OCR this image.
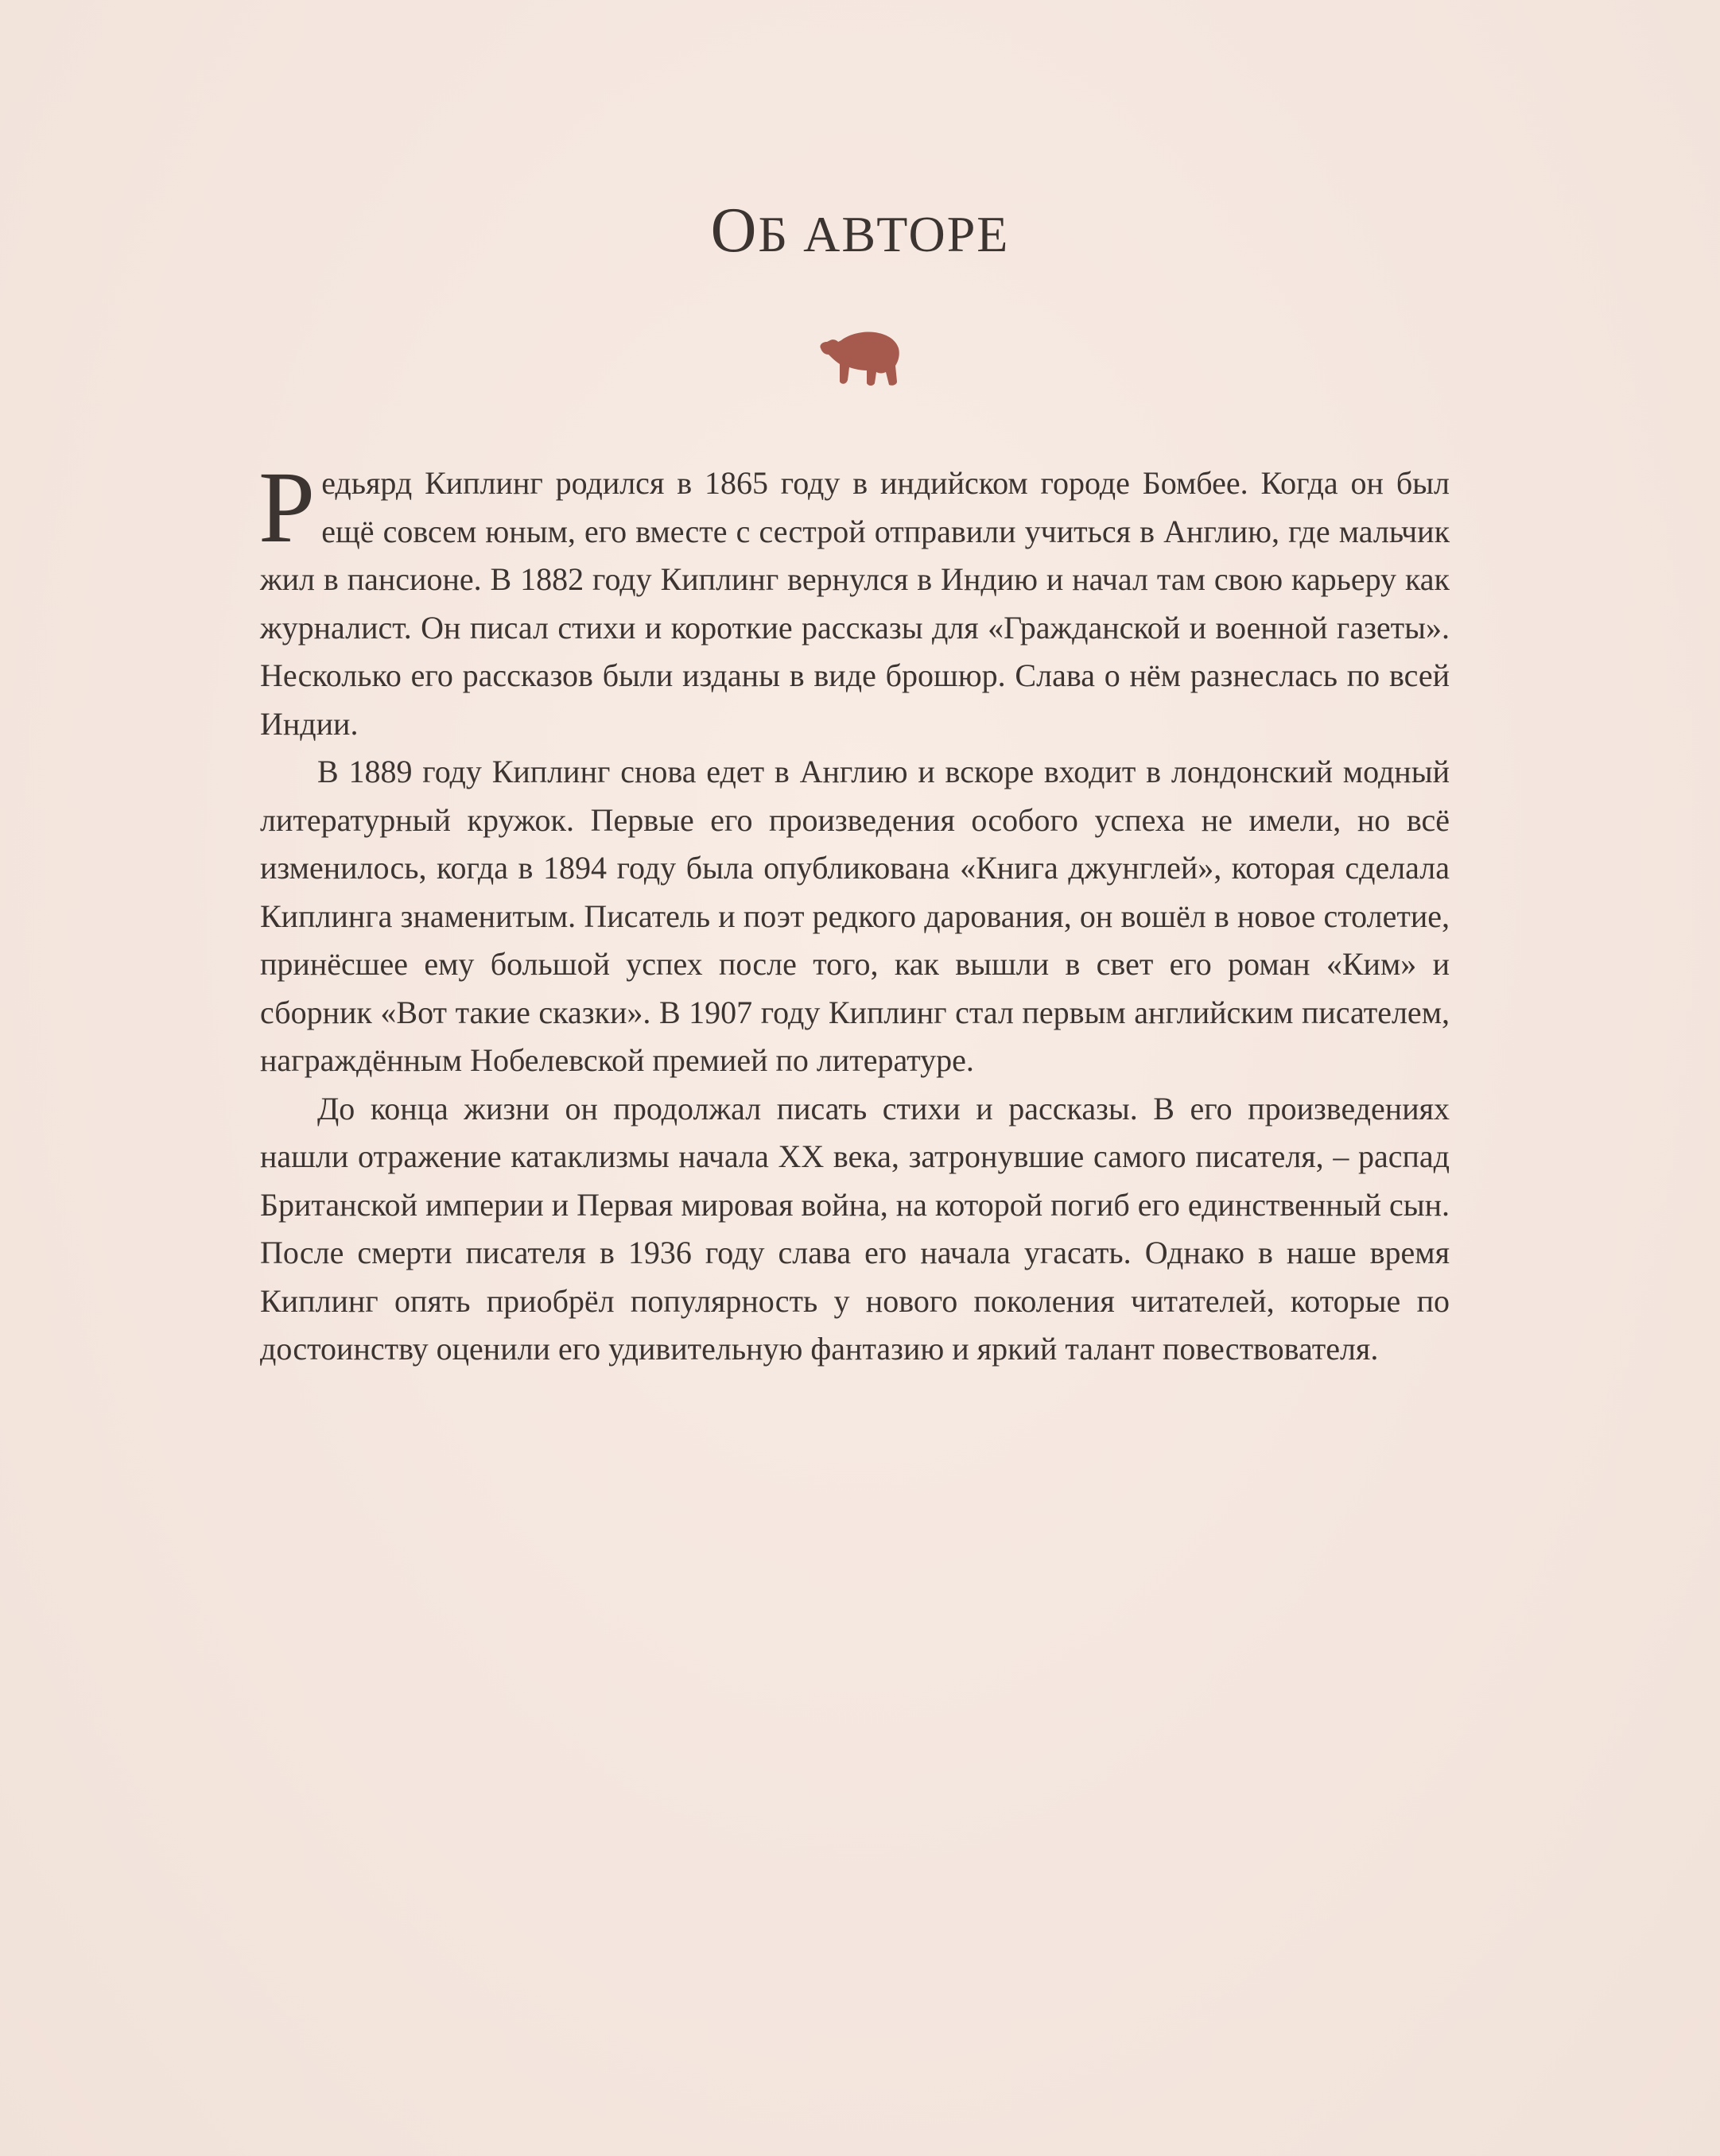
ОБ АВТОРЕ

Редьярд Киплинг родился в 1865 году в индийском городе Бомбее. Когда он был ещё совсем юным, его вместе с сестрой отправили учиться в Англию, где мальчик жил в пансионе. В 1882 году Киплинг вернулся в Индию и начал там свою карьеру как журналист. Он писал стихи и короткие рассказы для «Гражданской и военной газеты». Несколько его рассказов были изданы в виде брошюр. Слава о нём разнеслась по всей Индии.

В 1889 году Киплинг снова едет в Англию и вскоре входит в лондонский модный литературный кружок. Первые его произведения особого успеха не имели, но всё изменилось, когда в 1894 году была опубликована «Книга джунглей», которая сделала Киплинга знаменитым. Писатель и поэт редкого дарования, он вошёл в новое столетие, принёсшее ему большой успех после того, как вышли в свет его роман «Ким» и сборник «Вот такие сказки». В 1907 году Киплинг стал первым английским писателем, награждённым Нобелевской премией по литературе.

До конца жизни он продолжал писать стихи и рассказы. В его произведениях нашли отражение катаклизмы начала XX века, затронувшие самого писателя, – распад Британской империи и Первая мировая война, на которой погиб его единственный сын. После смерти писателя в 1936 году слава его начала угасать. Однако в наше время Киплинг опять приобрёл популярность у нового поколения читателей, которые по достоинству оценили его удивительную фантазию и яркий талант повествователя.
